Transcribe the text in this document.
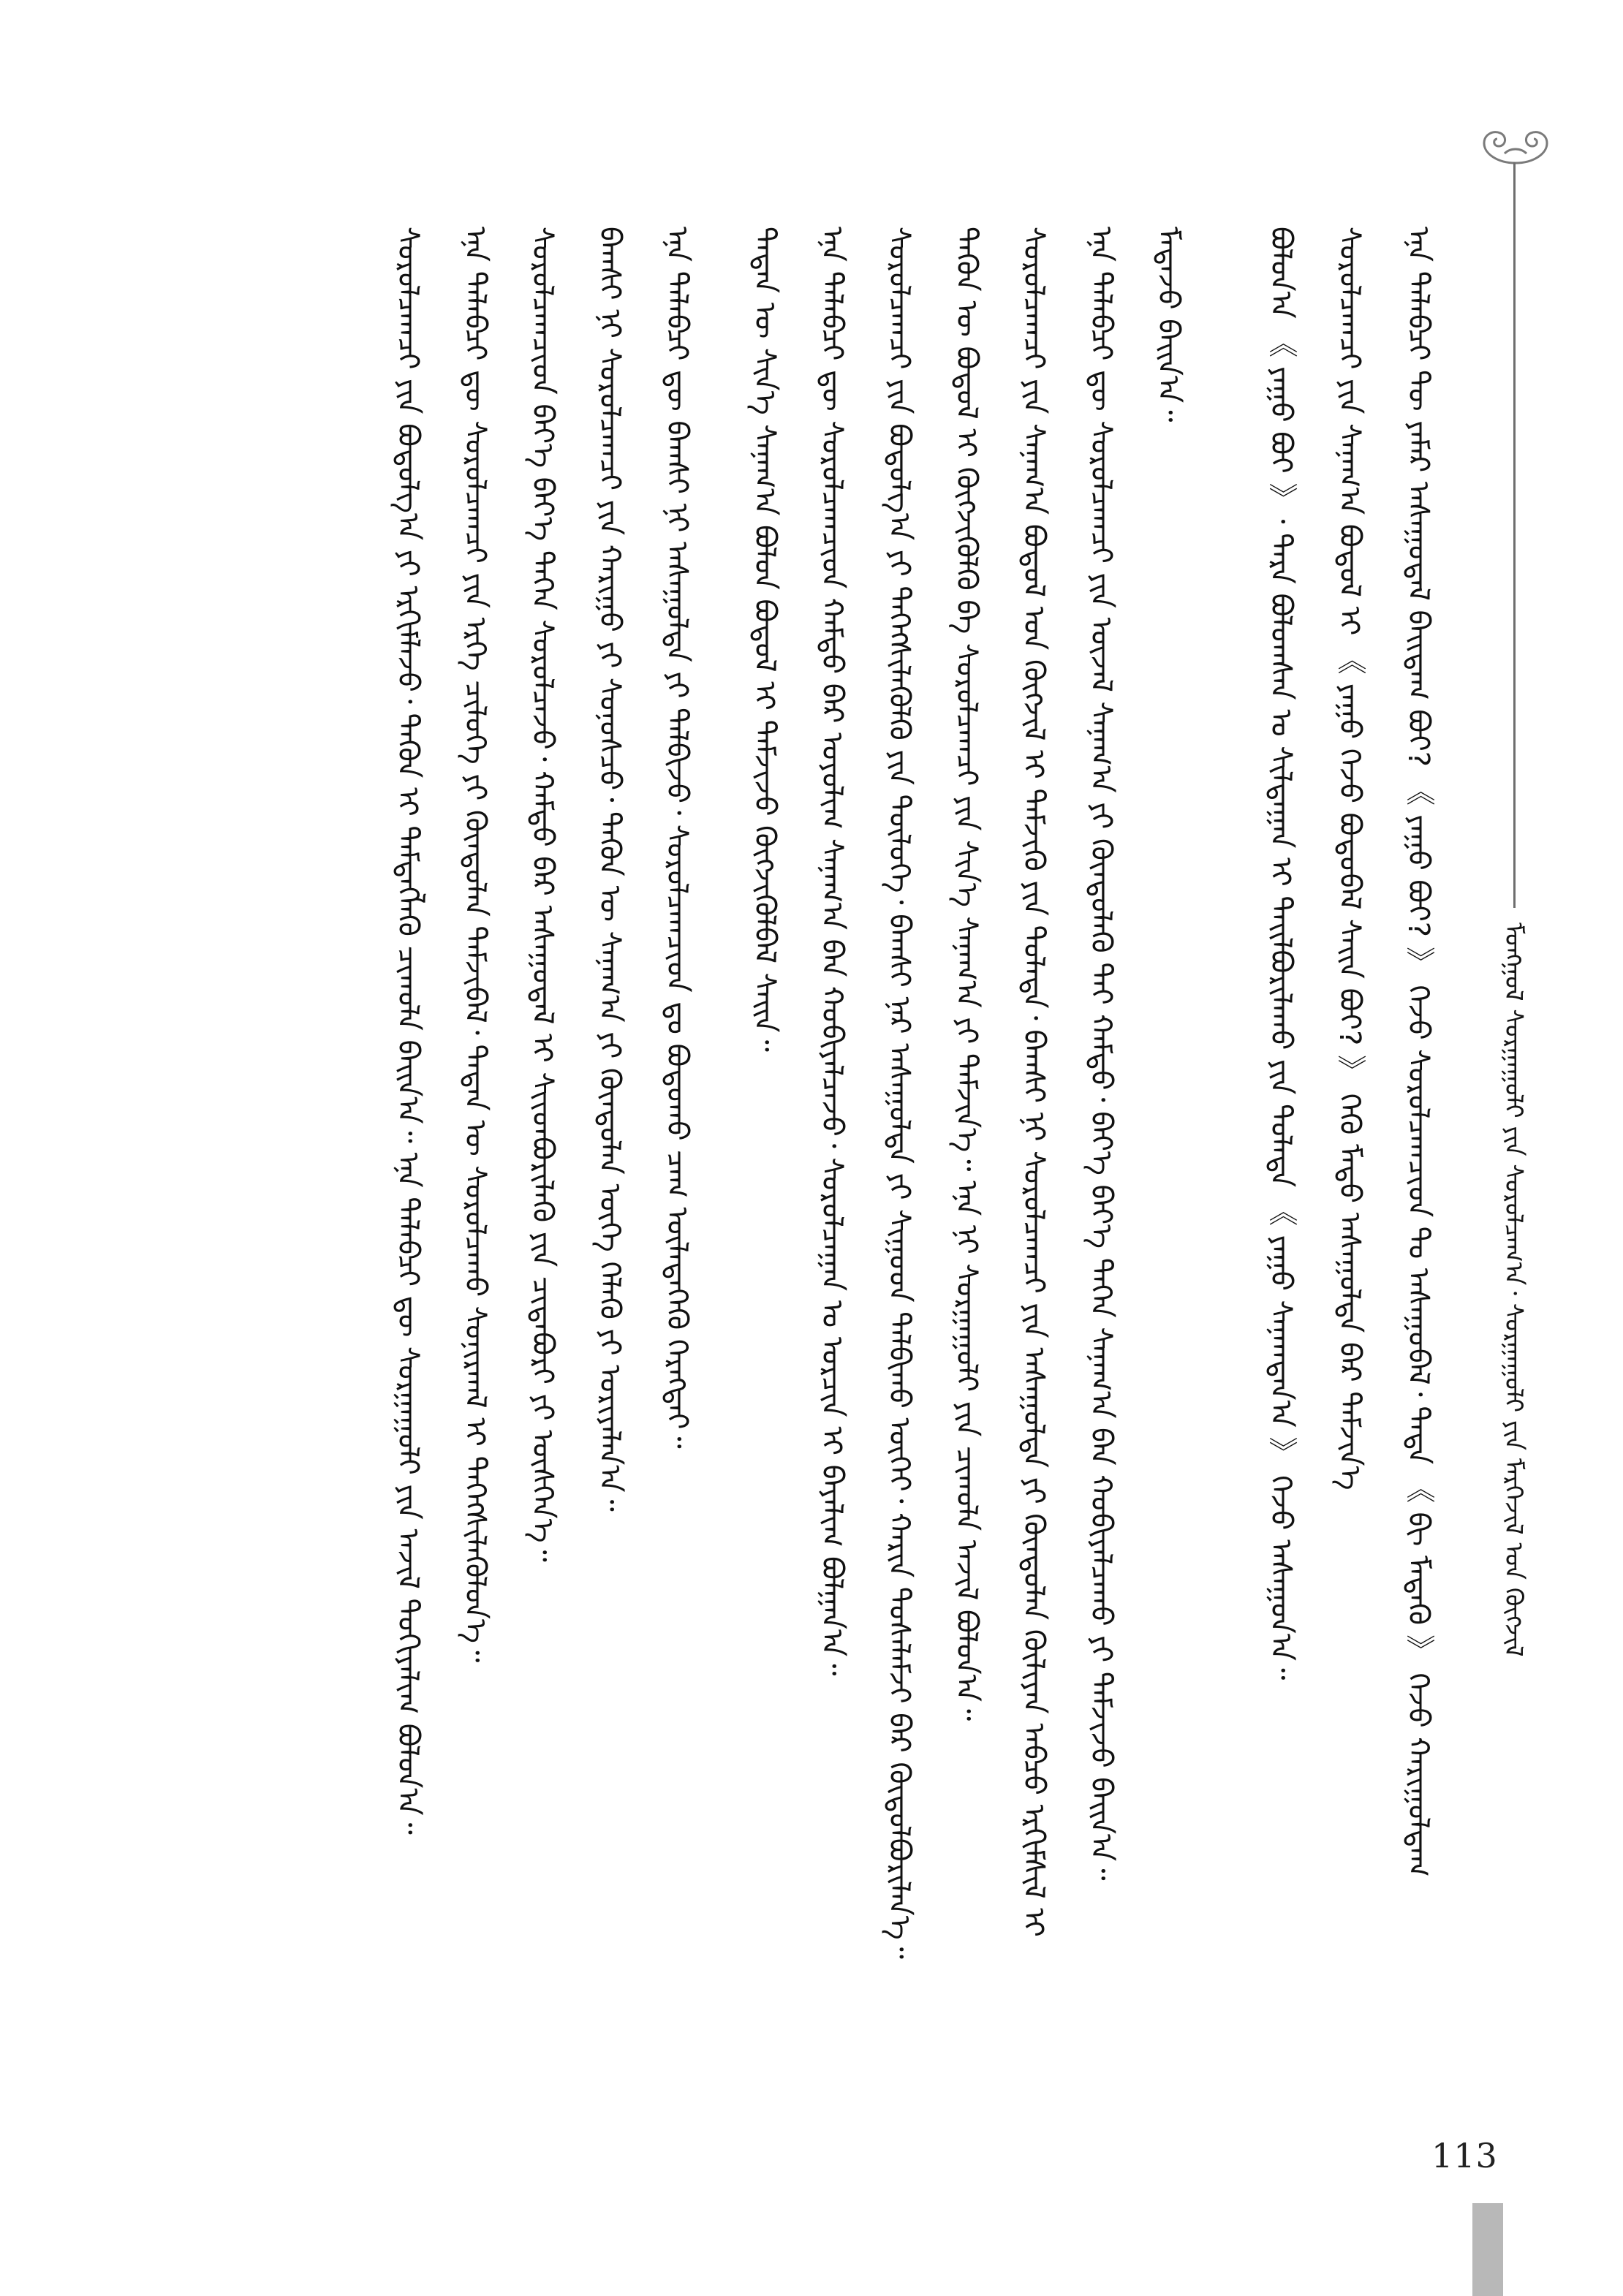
ᠮᠣᠩᠭᠣᠯ ᠰᠤᠷᠭᠠᠭᠤᠯᠢ ᠶᠢᠨ ᠰᠤᠷᠤᠯᠴᠠᠭ᠎ᠠ᠂ ᠰᠤᠷᠭᠠᠭᠤᠯᠢ ᠶᠢᠨ ᠮᠡᠷᠭᠡᠵᠢᠯ ᠤᠨ ᠬᠥᠭᠵᠢᠯ
ᠡᠨᠡ ᠲᠡᠯᠡᠪᠴᠢ ᠲᠦ ᠶᠠᠮᠠᠷ ᠠᠰᠠᠭᠤᠳᠠᠯ ᠪᠠᠢᠳᠠᠭ ᠪᠤᠢ? 《 ᠶᠠᠭᠤ ᠪᠤᠢ? 》 ᠭᠡᠵᠦ ᠰᠤᠷᠤᠯᠴᠠᠭᠴᠢᠳ ᠲᠤ ᠠᠰᠠᠭᠤᠪᠠᠯ᠂ ᠲᠡᠳᠡ 《 ᠪᠢ ᠮᠡᠳᠡᠬᠦ 》 ᠭᠡᠵᠦ ᠬᠠᠷᠢᠭᠤᠯᠳᠠᠭ
ᠰᠤᠷᠤᠯᠴᠠᠭᠴᠢ ᠶᠢᠨ ᠰᠠᠨᠠᠭ᠎ᠠ ᠪᠣᠳᠤᠯ ᠢ 《 ᠶᠠᠭᠤ ᠭᠡᠵᠦ ᠪᠣᠳᠤᠪᠠᠯ ᠰᠠᠢᠨ ᠪᠤᠢ? 》 ᠭᠡᠬᠦ ᠮᠡᠲᠦ ᠠᠰᠠᠭᠤᠯᠲᠠ ᠪᠠᠷ ᠳᠡᠮᠵᠢᠨ᠎ᠡ
ᠪᠤᠯᠤᠨ᠎ᠠ 《 ᠶᠠᠭᠤ ᠪᠤᠢ 》᠂ ᠲᠡᠷᠡ ᠪᠣᠯᠤᠭᠰᠠᠨ ᠤ ᠰᠢᠯᠲᠠᠭᠠᠨ ᠢ ᠲᠠᠢᠯᠪᠤᠷᠢᠯᠠᠬᠤ ᠶᠢᠨ ᠲᠤᠯᠠᠳᠠ 《 ᠶᠠᠭᠤ ᠰᠠᠨᠠᠭᠳᠠᠨ᠎ᠠ 》 ᠭᠡᠵᠦ ᠠᠰᠠᠭᠤᠨ᠎ᠠ᠃
ᠮᠡᠳᠡᠵᠦ ᠪᠠᠢᠨ᠎ᠠ᠃
ᠡᠨᠡ ᠲᠡᠯᠡᠪᠴᠢ ᠳᠦ ᠰᠤᠷᠤᠯᠴᠠᠭᠴᠢ ᠶᠢᠨ ᠦᠵᠡᠯ ᠰᠠᠨᠠᠭ᠎ᠠ ᠶᠢ ᠬᠦᠨᠳᠦᠯᠡᠬᠦ ᠲᠡᠢ ᠬᠠᠮᠲᠤ᠂ ᠪᠡᠶ᠎ᠡ ᠪᠡᠶ᠎ᠡ ᠳᠡᠭᠡᠨ ᠰᠠᠨᠠᠭ᠎ᠠ ᠪᠡᠨ ᠬᠤᠪᠢᠶᠠᠯᠴᠠᠬᠤ ᠶᠢ ᠳᠡᠮᠵᠢᠵᠦ ᠪᠠᠢᠨ᠎ᠠ᠃
ᠰᠤᠷᠤᠯᠴᠠᠭᠴᠢ ᠶᠢᠨ ᠰᠠᠨᠠᠭ᠎ᠠ ᠪᠣᠳᠤᠯ ᠤᠨ ᠬᠥᠭᠵᠢᠯ ᠢ ᠳᠡᠮᠵᠢᠬᠦ ᠶᠢᠨ ᠲᠤᠯᠠᠳᠠ᠂ ᠪᠠᠭᠰᠢ ᠨᠢ ᠰᠤᠷᠤᠯᠴᠠᠭᠴᠢ ᠶᠢᠨ ᠠᠰᠠᠭᠤᠯᠲᠠ ᠶᠢ ᠬᠦᠨᠳᠦᠯᠡᠨ ᠬᠦᠯᠢᠶᠡᠨ ᠠᠪᠴᠤ ᠡᠷᠬᠢᠮᠰᠢᠯ ᠢ
ᠲᠡᠭᠦᠨ ᠦ ᠪᠣᠳᠤᠯ ᠢ ᠬᠥᠭᠵᠢᠭᠦᠯᠬᠦ ᠪᠠ ᠰᠤᠷᠤᠯᠴᠠᠭᠴᠢ ᠶᠢᠨ ᠰᠢᠨ᠎ᠡ ᠰᠠᠨᠠᠭ᠎ᠠ ᠶᠢ ᠳᠡᠮᠵᠢᠨ᠎ᠡ᠃ ᠡᠨᠡ ᠨᠢ ᠰᠤᠷᠭᠠᠭᠤᠯᠢ ᠶᠢᠨ ᠴᠢᠬᠤᠯᠠ ᠠᠵᠢᠯ ᠪᠣᠯᠤᠨ᠎ᠠ᠃
ᠰᠤᠷᠤᠯᠴᠠᠭᠴᠢ ᠶᠢᠨ ᠪᠣᠳᠤᠯᠭ᠎ᠠ ᠶᠢ ᠳᠡᠭᠡᠭᠰᠢᠯᠡᠭᠦᠯᠬᠦ ᠶᠢᠨ ᠲᠥᠯᠦᠭᠡ᠂ ᠪᠠᠭᠰᠢ ᠨᠠᠷ ᠠᠰᠠᠭᠤᠯᠲᠠ ᠶᠢ ᠰᠢᠭᠤᠳ ᠲᠠᠯᠪᠢᠬᠤ ᠦᠭᠡᠢ᠂ ᠬᠠᠷᠢᠨ ᠲᠤᠰᠠᠯᠠᠮᠵᠢ ᠪᠡᠷ ᠬᠥᠲᠦᠯᠪᠦᠷᠢᠯᠡᠨ᠎ᠡ᠃
ᠡᠨᠡ ᠲᠡᠯᠡᠪᠴᠢ ᠳᠦ ᠰᠤᠷᠤᠯᠴᠠᠭᠴᠢᠳ ᠬᠠᠮᠲᠤ ᠪᠡᠷ ᠤᠶᠤᠯᠢᠭ ᠰᠠᠨᠠᠭ᠎ᠠ ᠪᠡᠨ ᠬᠤᠪᠢᠶᠠᠯᠴᠠᠵᠤ᠂ ᠰᠤᠷᠤᠯᠴᠠᠭᠠᠨ ᠤ ᠤᠷᠴᠢᠨ ᠢ ᠪᠠᠶᠠᠯᠢᠭ ᠪᠣᠯᠭᠠᠨ᠎ᠠ᠃
ᠲᠡᠳᠡᠨ ᠦ ᠰᠢᠨ᠎ᠡ ᠰᠠᠨᠠᠭ᠎ᠠ ᠪᠣᠯᠤᠨ ᠪᠣᠳᠤᠯ ᠢ ᠳᠡᠮᠵᠢᠵᠦ ᠬᠥᠭᠵᠢᠭᠦᠯᠪᠡᠯ ᠰᠠᠢᠨ᠃
ᠡᠨᠡ ᠲᠡᠯᠡᠪᠴᠢ ᠳᠦ ᠪᠠᠭᠰᠢ ᠨᠢ ᠠᠰᠠᠭᠤᠯᠲᠠ ᠶᠢ ᠲᠠᠯᠪᠢᠵᠤ᠂ ᠰᠤᠷᠤᠯᠴᠠᠭᠴᠢᠳ ᠳᠤ ᠪᠣᠳᠤᠬᠤ ᠴᠠᠭ ᠦᠯᠡᠳᠡᠭᠡᠬᠦ ᠬᠡᠷᠡᠭᠲᠡᠢ᠃
ᠪᠠᠭᠰᠢ ᠨᠢ ᠰᠤᠷᠤᠯᠴᠠᠭᠴᠢ ᠶᠢᠨ ᠬᠠᠷᠢᠭᠤ ᠶᠢ ᠰᠣᠨᠣᠰᠴᠤ᠂ ᠲᠡᠭᠦᠨ ᠦ ᠰᠠᠨᠠᠭ᠎ᠠ ᠶᠢ ᠬᠦᠨᠳᠦᠯᠡᠨ ᠦᠭᠡ ᠬᠡᠯᠡᠬᠦ ᠶᠢ ᠤᠷᠢᠶᠠᠯᠠᠨ᠎ᠠ᠃
ᠰᠤᠷᠤᠯᠴᠠᠭᠴᠢᠳ ᠪᠡᠶ᠎ᠡ ᠪᠡᠶ᠎ᠡ ᠳᠡᠭᠡᠨ ᠰᠤᠷᠤᠯᠴᠠᠵᠤ᠂ ᠬᠠᠮᠲᠤ ᠪᠡᠷ ᠠᠰᠠᠭᠤᠳᠠᠯ ᠢ ᠰᠢᠢᠳᠪᠦᠷᠢᠯᠡᠬᠦ ᠶᠢᠨ ᠴᠢᠳᠠᠪᠤᠷᠢ ᠶᠢ ᠥᠰᠬᠡᠨ᠎ᠡ᠃
ᠡᠨᠡ ᠲᠡᠯᠡᠪᠴᠢ ᠳᠦ ᠰᠤᠷᠤᠯᠴᠠᠭᠴᠢ ᠶᠢᠨ ᠡᠷᠬᠡ ᠴᠢᠯᠥᠭᠡ ᠶᠢ ᠬᠦᠨᠳᠦᠯᠡᠨ ᠳᠡᠮᠵᠢᠪᠡᠯ᠂ ᠲᠡᠳᠡᠨ ᠦ ᠰᠤᠷᠤᠯᠴᠠᠬᠤ ᠰᠣᠨᠢᠷᠬᠠᠯ ᠢ ᠳᠡᠭᠡᠭᠰᠢᠯᠡᠭᠦᠯᠦᠨ᠎ᠡ᠃
ᠰᠤᠷᠤᠯᠴᠠᠭᠴᠢ ᠶᠢᠨ ᠪᠣᠳᠤᠯᠭ᠎ᠠ ᠶᠢ ᠡᠷᠬᠢᠮᠯᠡᠵᠦ᠂ ᠲᠡᠭᠦᠨ ᠢ ᠲᠡᠮᠳᠡᠭᠯᠡᠬᠦ ᠴᠢᠬᠤᠯᠠ ᠪᠠᠢᠨ᠎ᠠ᠃ ᠡᠨᠡ ᠲᠡᠯᠡᠪᠴᠢ ᠳᠦ ᠰᠤᠷᠭᠠᠭᠤᠯᠢ ᠶᠢᠨ ᠠᠵᠢᠯ ᠲᠤᠬᠢᠶᠠᠯᠢᠭ ᠪᠣᠯᠤᠨ᠎ᠠ᠃
113
